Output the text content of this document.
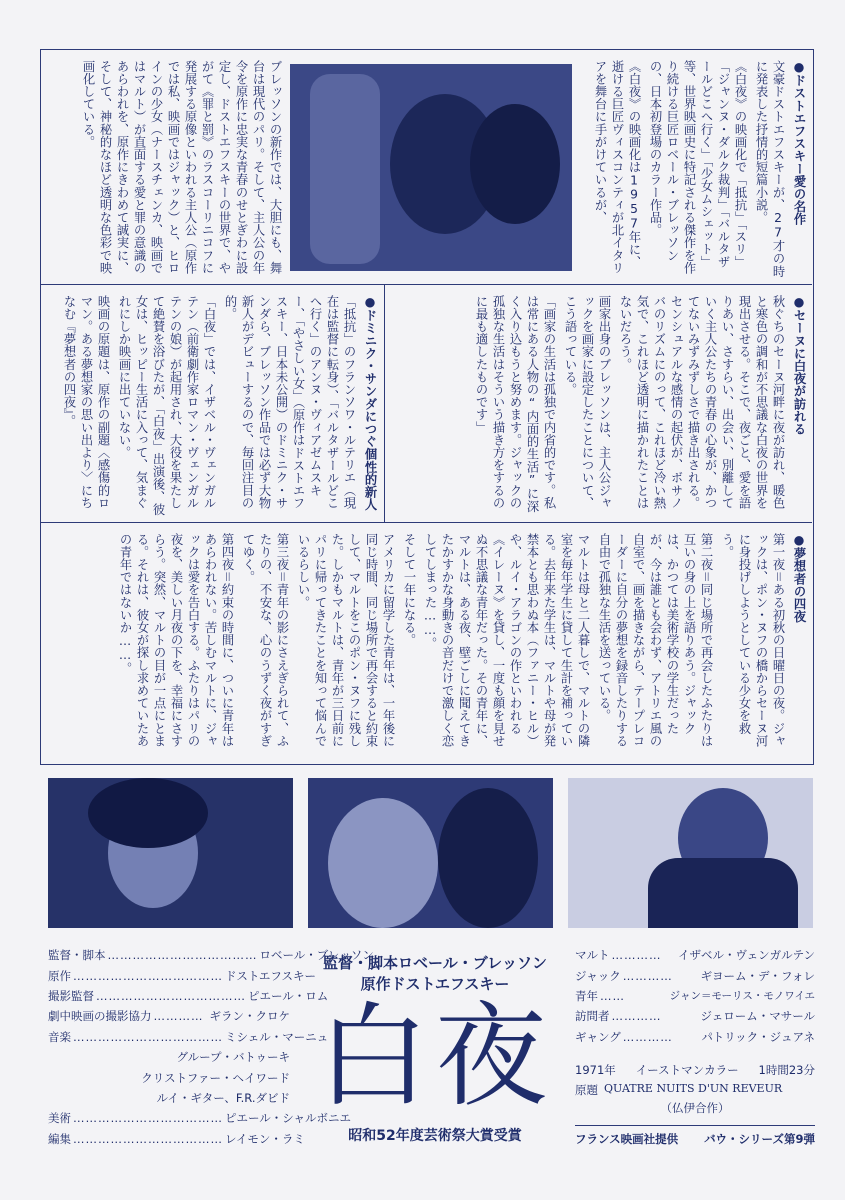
●ドストエフスキー愛の名作

文豪ドストエフスキーが、27才の時に発表した抒情的短篇小説。

《白夜》の映画化で「抵抗」「スリ」「ジャンヌ・ダルク裁判」「バルタザールどこへ行く」「少女ムシェット」等、世界映画史に特記される傑作を作り続ける巨匠ロベール・ブレッソンの、日本初登場のカラー作品。

《白夜》の映画化は1957年に、逝ける巨匠ヴィスコンティが北イタリアを舞台に手がけているが、

ブレッソンの新作では、大胆にも、舞台は現代のパリ。そして、主人公の年令を原作に忠実な青春のせとぎわに設定し、ドストエフスキーの世界で、やがて《罪と罰》のラスコーリニコフに発展する原像といわれる主人公（原作では私、映画ではジャック）と、ヒロインの少女（ナースチェンカ、映画ではマルト）が直面する愛と罪の意識のあらわれを、原作にきわめて誠実に、そして、神秘的なほど透明な色彩で映画化している。

●セーヌに白夜が訪れる

秋ぐちのセーヌ河畔に夜が訪れ、暖色と寒色の調和が不思議な白夜の世界を現出させる。そこで、夜ごと、愛を語りあい、さすらい、出会い、別離していく主人公たちの青春の心象が、かつてないみずみずしさで描き出される。センシュアルな感情の起伏が、ボサノバのリズムにのって、これほど冷い熱気で、これほど透明に描かれたことはないだろう。

画家出身のブレッソンは、主人公ジャックを画家に設定したことについて、こう語っている。

「画家の生活は孤独で内省的です。私は常にある人物の“内面的生活”に深く入り込もうと努めます。ジャックの孤独な生活はそういう描き方をするのに最も適したものです」

●ドミニク・サンダにつぐ個性的新人

「抵抗」のフランソワ・ルテリエ（現在は監督に転身）、「バルタザールどこへ行く」のアンヌ・ヴィアゼムスキー、「やさしい女」（原作はドストエフスキー、日本未公開）のドミニク・サンダら、ブレッソン作品では必ず大物新人がデビューするので、毎回注目の的。

「白夜」では、イザベル・ヴェンガルテン（前衛劇作家ロマン・ヴェンガルテンの娘）が起用され、大役を果たして絶賛を浴びたが、「白夜」出演後、彼女は、ヒッピー生活に入って、気まぐれにしか映画に出ていない。

映画の原題は、原作の副題〈感傷的ロマン。ある夢想家の思い出より〉にちなむ『夢想者の四夜』。

●夢想者の四夜

第一夜＝ある初秋の日曜日の夜。ジャックは、ポン・ヌフの橋からセーヌ河に身投げしようとしている少女を救う。

第二夜＝同じ場所で再会したふたりは互いの身の上を語りあう。ジャックは、かつては美術学校の学生だったが、今は誰とも会わず、アトリエ風の自室で、画を描きながら、テープレコーダーに自分の夢想を録音したりする自由で孤独な生活を送っている。

マルトは母と二人暮しで、マルトの隣室を毎年学生に貸して生計を補っている。去年来た学生は、マルトや母が発禁本とも思わぬ本（ファニー・ヒル）や、ルイ・アラゴンの作といわれる《イレーヌ》を貸し、一度も顔を見せぬ不思議な青年だった。その青年に、マルトは、ある夜、壁ごしに聞えてきたかすかな身動きの音だけで激しく恋してしまった……。

そして一年になる。

アメリカに留学した青年は、一年後に同じ時間、同じ場所で再会すると約束して、マルトをこのポン・ヌフに残した。しかもマルトは、青年が三日前にパリに帰ってきたことを知って悩んでいるらしい。

第三夜＝青年の影にさえぎられて、ふたりの、不安な、心のうずく夜がすぎてゆく。

第四夜＝約束の時間に、ついに青年はあらわれない。苦しむマルトに、ジャックは愛を告白する。ふたりはパリの夜を、美しい月夜の下を、幸福にさすらう。突然、マルトの目が一点にとまる。それは、彼女が探し求めていたあの青年ではないか……。

監督・脚本 ……………………………… ロベール・ブレッソン
原作 ……………………………… ドストエフスキー
撮影監督 ……………………………… ピエール・ロム
劇中映画の撮影協力 ………… ギラン・クロケ
音楽 ……………………………… ミシェル・マーニュ
グループ・バトゥーキ
クリストファー・ヘイワード
ルイ・ギター、F.R.ダビド
美術 ……………………………… ピエール・シャルボニエ
編集 ……………………………… レイモン・ラミ
監督・脚本ロベール・ブレッソン
原作ドストエフスキー
白夜
昭和52年度芸術祭大賞受賞
マルト …………	イザベル・ヴェンガルテン
ジャック …………	ギヨーム・デ・フォレ
青年 ……	ジャン＝モーリス・モノワイエ
訪問者 …………	ジェローム・マサール
ギャング …………	パトリック・ジュアネ
1971年 イーストマンカラー 1時間23分
原題 QUATRE NUITS D'UN REVEUR
（仏伊合作）
フランス映画社提供 バウ・シリーズ第9弾
